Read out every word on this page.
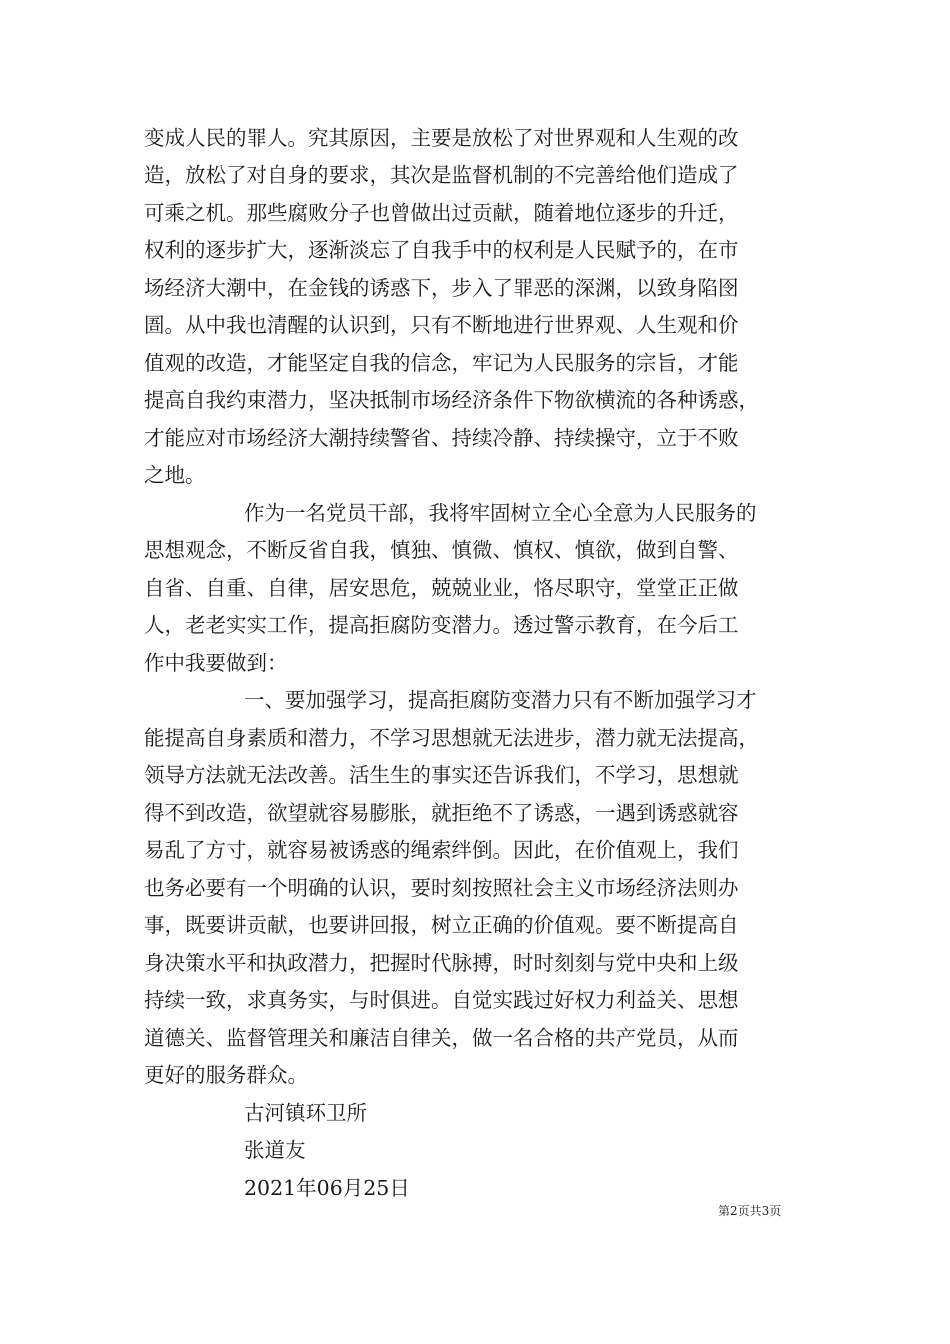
变成人民的罪人。究其原因，主要是放松了对世界观和人生观的改
造，放松了对自身的要求，其次是监督机制的不完善给他们造成了
可乘之机。那些腐败分子也曾做出过贡献，随着地位逐步的升迁，
权利的逐步扩大，逐渐淡忘了自我手中的权利是人民赋予的，在市
场经济大潮中，在金钱的诱惑下，步入了罪恶的深渊，以致身陷囹
圄。从中我也清醒的认识到，只有不断地进行世界观、人生观和价
值观的改造，才能坚定自我的信念，牢记为人民服务的宗旨，才能
提高自我约束潜力，坚决抵制市场经济条件下物欲横流的各种诱惑，
才能应对市场经济大潮持续警省、持续冷静、持续操守，立于不败
之地。
作为一名党员干部，我将牢固树立全心全意为人民服务的
思想观念，不断反省自我，慎独、慎微、慎权、慎欲，做到自警、
自省、自重、自律，居安思危，兢兢业业，恪尽职守，堂堂正正做
人，老老实实工作，提高拒腐防变潜力。透过警示教育，在今后工
作中我要做到：
一、要加强学习，提高拒腐防变潜力只有不断加强学习才
能提高自身素质和潜力，不学习思想就无法进步，潜力就无法提高，
领导方法就无法改善。活生生的事实还告诉我们，不学习，思想就
得不到改造，欲望就容易膨胀，就拒绝不了诱惑，一遇到诱惑就容
易乱了方寸，就容易被诱惑的绳索绊倒。因此，在价值观上，我们
也务必要有一个明确的认识，要时刻按照社会主义市场经济法则办
事，既要讲贡献，也要讲回报，树立正确的价值观。要不断提高自
身决策水平和执政潜力，把握时代脉搏，时时刻刻与党中央和上级
持续一致，求真务实，与时俱进。自觉实践过好权力利益关、思想
道德关、监督管理关和廉洁自律关，做一名合格的共产党员，从而
更好的服务群众。
古河镇环卫所
张道友
2021年06月25日
第2页共3页
